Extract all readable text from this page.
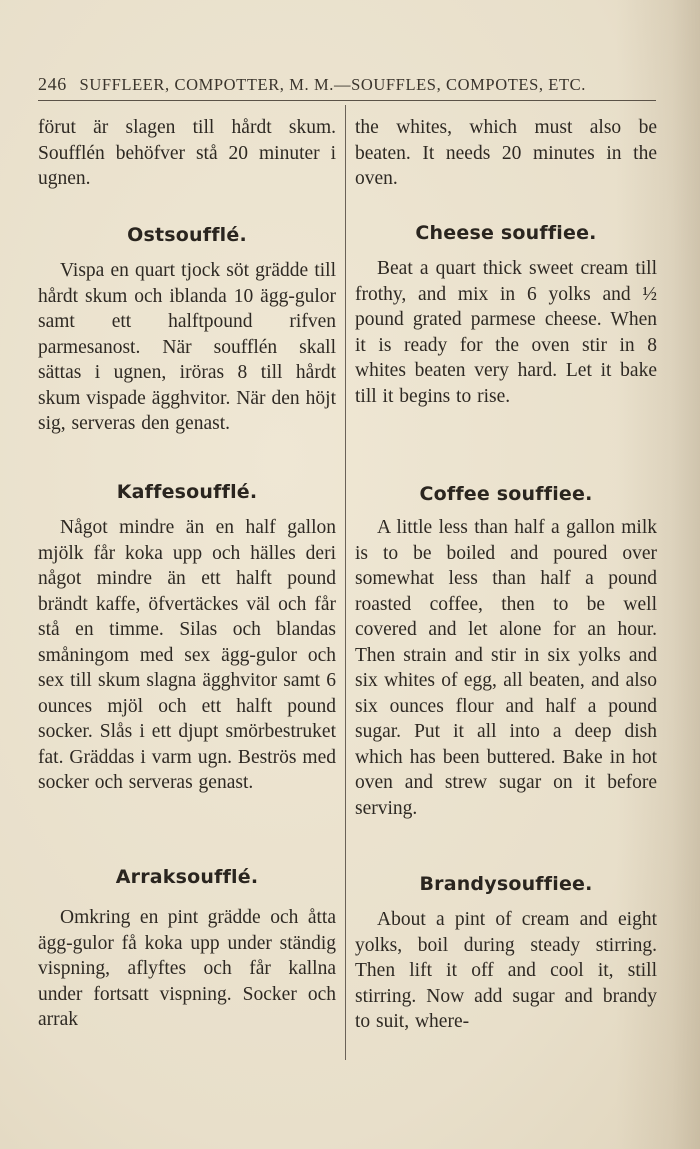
246 SUFFLEER, COMPOTTER, M. M.—SOUFFLES, COMPOTES, ETC.
förut är slagen till hårdt skum. Soufflén behöfver stå 20 minuter i ugnen.
Ostsoufflé.
Vispa en quart tjock söt grädde till hårdt skum och iblanda 10 ägg-gulor samt ett halftpound rifven parmesanost. När soufflén skall sättas i ugnen, iröras 8 till hårdt skum vispade ägghvitor. När den höjt sig, serveras den genast.
Kaffesoufflé.
Något mindre än en half gallon mjölk får koka upp och hälles deri något mindre än ett halft pound brändt kaffe, öfvertäckes väl och får stå en timme. Silas och blandas småningom med sex ägg-gulor och sex till skum slagna ägghvitor samt 6 ounces mjöl och ett halft pound socker. Slås i ett djupt smörbestruket fat. Gräddas i varm ugn. Beströs med socker och serveras genast.
Arraksoufflé.
Omkring en pint grädde och åtta ägg-gulor få koka upp under ständig vispning, aflyftes och får kallna under fortsatt vispning. Socker och arrak
the whites, which must also be beaten. It needs 20 minutes in the oven.
Cheese souffiee.
Beat a quart thick sweet cream till frothy, and mix in 6 yolks and ½ pound grated parmese cheese. When it is ready for the oven stir in 8 whites beaten very hard. Let it bake till it begins to rise.
Coffee souffiee.
A little less than half a gallon milk is to be boiled and poured over somewhat less than half a pound roasted coffee, then to be well covered and let alone for an hour. Then strain and stir in six yolks and six whites of egg, all beaten, and also six ounces flour and half a pound sugar. Put it all into a deep dish which has been buttered. Bake in hot oven and strew sugar on it before serving.
Brandysouffiee.
About a pint of cream and eight yolks, boil during steady stirring. Then lift it off and cool it, still stirring. Now add sugar and brandy to suit, where-
